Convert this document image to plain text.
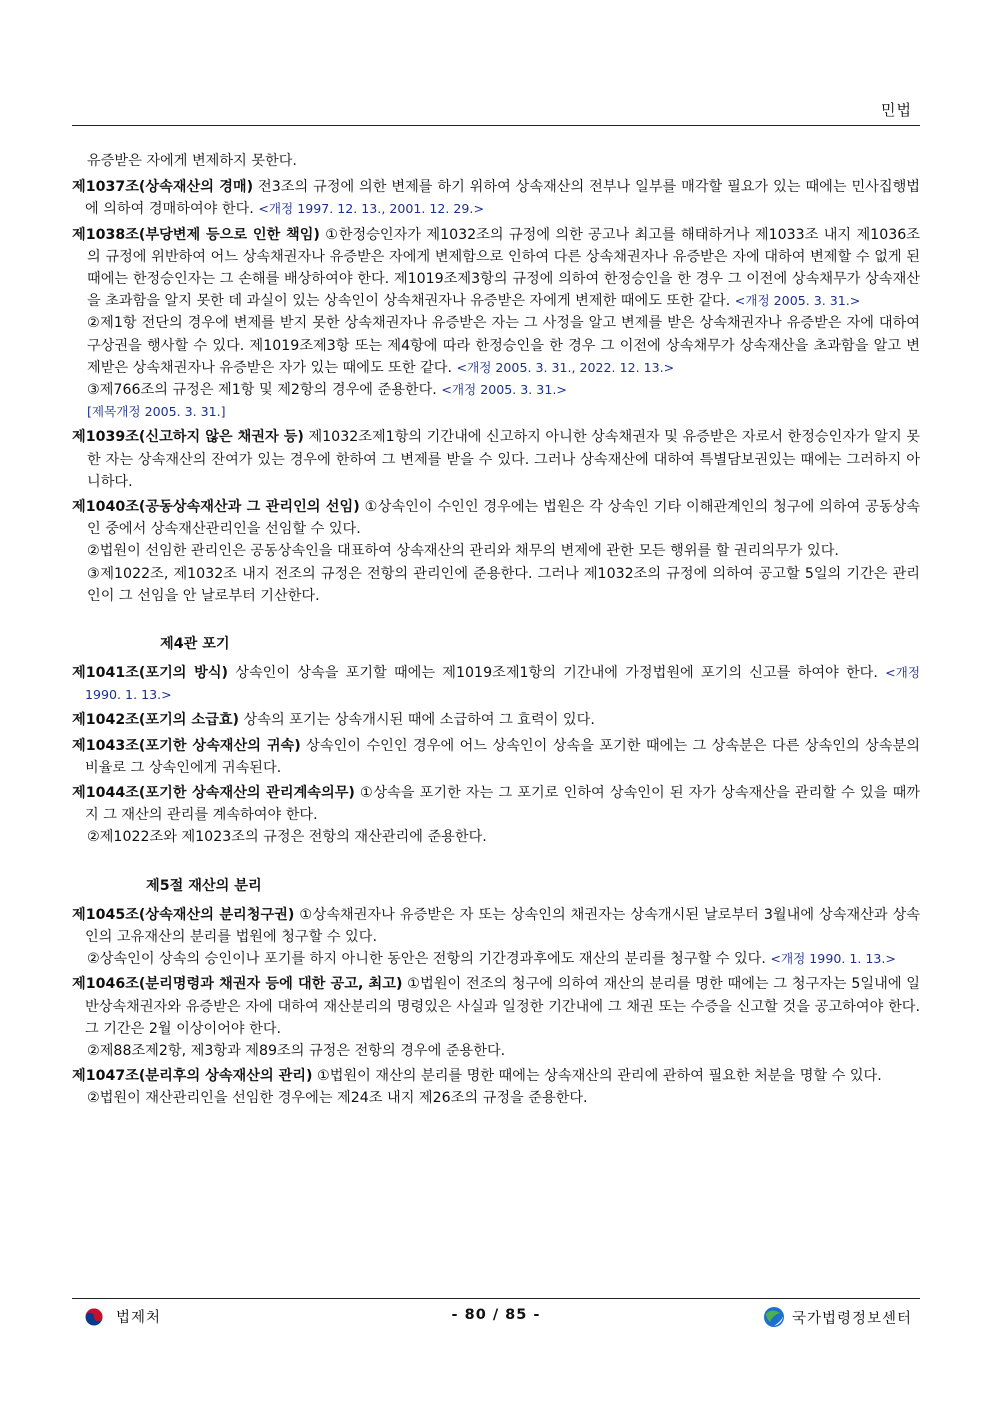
민법

유증받은 자에게 변제하지 못한다.

제1037조(상속재산의 경매) 전3조의 규정에 의한 변제를 하기 위하여 상속재산의 전부나 일부를 매각할 필요가 있는 때에는 민사집행법에 의하여 경매하여야 한다. <개정 1997. 12. 13., 2001. 12. 29.>

제1038조(부당변제 등으로 인한 책임) ①한정승인자가 제1032조의 규정에 의한 공고나 최고를 해태하거나 제1033조 내지 제1036조의 규정에 위반하여 어느 상속채권자나 유증받은 자에게 변제함으로 인하여 다른 상속채권자나 유증받은 자에 대하여 변제할 수 없게 된 때에는 한정승인자는 그 손해를 배상하여야 한다. 제1019조제3항의 규정에 의하여 한정승인을 한 경우 그 이전에 상속채무가 상속재산을 초과함을 알지 못한 데 과실이 있는 상속인이 상속채권자나 유증받은 자에게 변제한 때에도 또한 같다. <개정 2005. 3. 31.>

②제1항 전단의 경우에 변제를 받지 못한 상속채권자나 유증받은 자는 그 사정을 알고 변제를 받은 상속채권자나 유증받은 자에 대하여 구상권을 행사할 수 있다. 제1019조제3항 또는 제4항에 따라 한정승인을 한 경우 그 이전에 상속채무가 상속재산을 초과함을 알고 변제받은 상속채권자나 유증받은 자가 있는 때에도 또한 같다. <개정 2005. 3. 31., 2022. 12. 13.>

③제766조의 규정은 제1항 및 제2항의 경우에 준용한다. <개정 2005. 3. 31.>

[제목개정 2005. 3. 31.]

제1039조(신고하지 않은 채권자 등) 제1032조제1항의 기간내에 신고하지 아니한 상속채권자 및 유증받은 자로서 한정승인자가 알지 못한 자는 상속재산의 잔여가 있는 경우에 한하여 그 변제를 받을 수 있다. 그러나 상속재산에 대하여 특별담보권있는 때에는 그러하지 아니하다.

제1040조(공동상속재산과 그 관리인의 선임) ①상속인이 수인인 경우에는 법원은 각 상속인 기타 이해관계인의 청구에 의하여 공동상속인 중에서 상속재산관리인을 선임할 수 있다.

②법원이 선임한 관리인은 공동상속인을 대표하여 상속재산의 관리와 채무의 변제에 관한 모든 행위를 할 권리의무가 있다.

③제1022조, 제1032조 내지 전조의 규정은 전항의 관리인에 준용한다. 그러나 제1032조의 규정에 의하여 공고할 5일의 기간은 관리인이 그 선임을 안 날로부터 기산한다.

제4관 포기

제1041조(포기의 방식) 상속인이 상속을 포기할 때에는 제1019조제1항의 기간내에 가정법원에 포기의 신고를 하여야 한다. <개정 1990. 1. 13.>

제1042조(포기의 소급효) 상속의 포기는 상속개시된 때에 소급하여 그 효력이 있다.

제1043조(포기한 상속재산의 귀속) 상속인이 수인인 경우에 어느 상속인이 상속을 포기한 때에는 그 상속분은 다른 상속인의 상속분의 비율로 그 상속인에게 귀속된다.

제1044조(포기한 상속재산의 관리계속의무) ①상속을 포기한 자는 그 포기로 인하여 상속인이 된 자가 상속재산을 관리할 수 있을 때까지 그 재산의 관리를 계속하여야 한다.

②제1022조와 제1023조의 규정은 전항의 재산관리에 준용한다.

제5절 재산의 분리

제1045조(상속재산의 분리청구권) ①상속채권자나 유증받은 자 또는 상속인의 채권자는 상속개시된 날로부터 3월내에 상속재산과 상속인의 고유재산의 분리를 법원에 청구할 수 있다.

②상속인이 상속의 승인이나 포기를 하지 아니한 동안은 전항의 기간경과후에도 재산의 분리를 청구할 수 있다. <개정 1990. 1. 13.>

제1046조(분리명령과 채권자 등에 대한 공고, 최고) ①법원이 전조의 청구에 의하여 재산의 분리를 명한 때에는 그 청구자는 5일내에 일반상속채권자와 유증받은 자에 대하여 재산분리의 명령있은 사실과 일정한 기간내에 그 채권 또는 수증을 신고할 것을 공고하여야 한다. 그 기간은 2월 이상이어야 한다.

②제88조제2항, 제3항과 제89조의 규정은 전항의 경우에 준용한다.

제1047조(분리후의 상속재산의 관리) ①법원이 재산의 분리를 명한 때에는 상속재산의 관리에 관하여 필요한 처분을 명할 수 있다.

②법원이 재산관리인을 선임한 경우에는 제24조 내지 제26조의 규정을 준용한다.

법제처	- 80 / 85 -	국가법령정보센터
